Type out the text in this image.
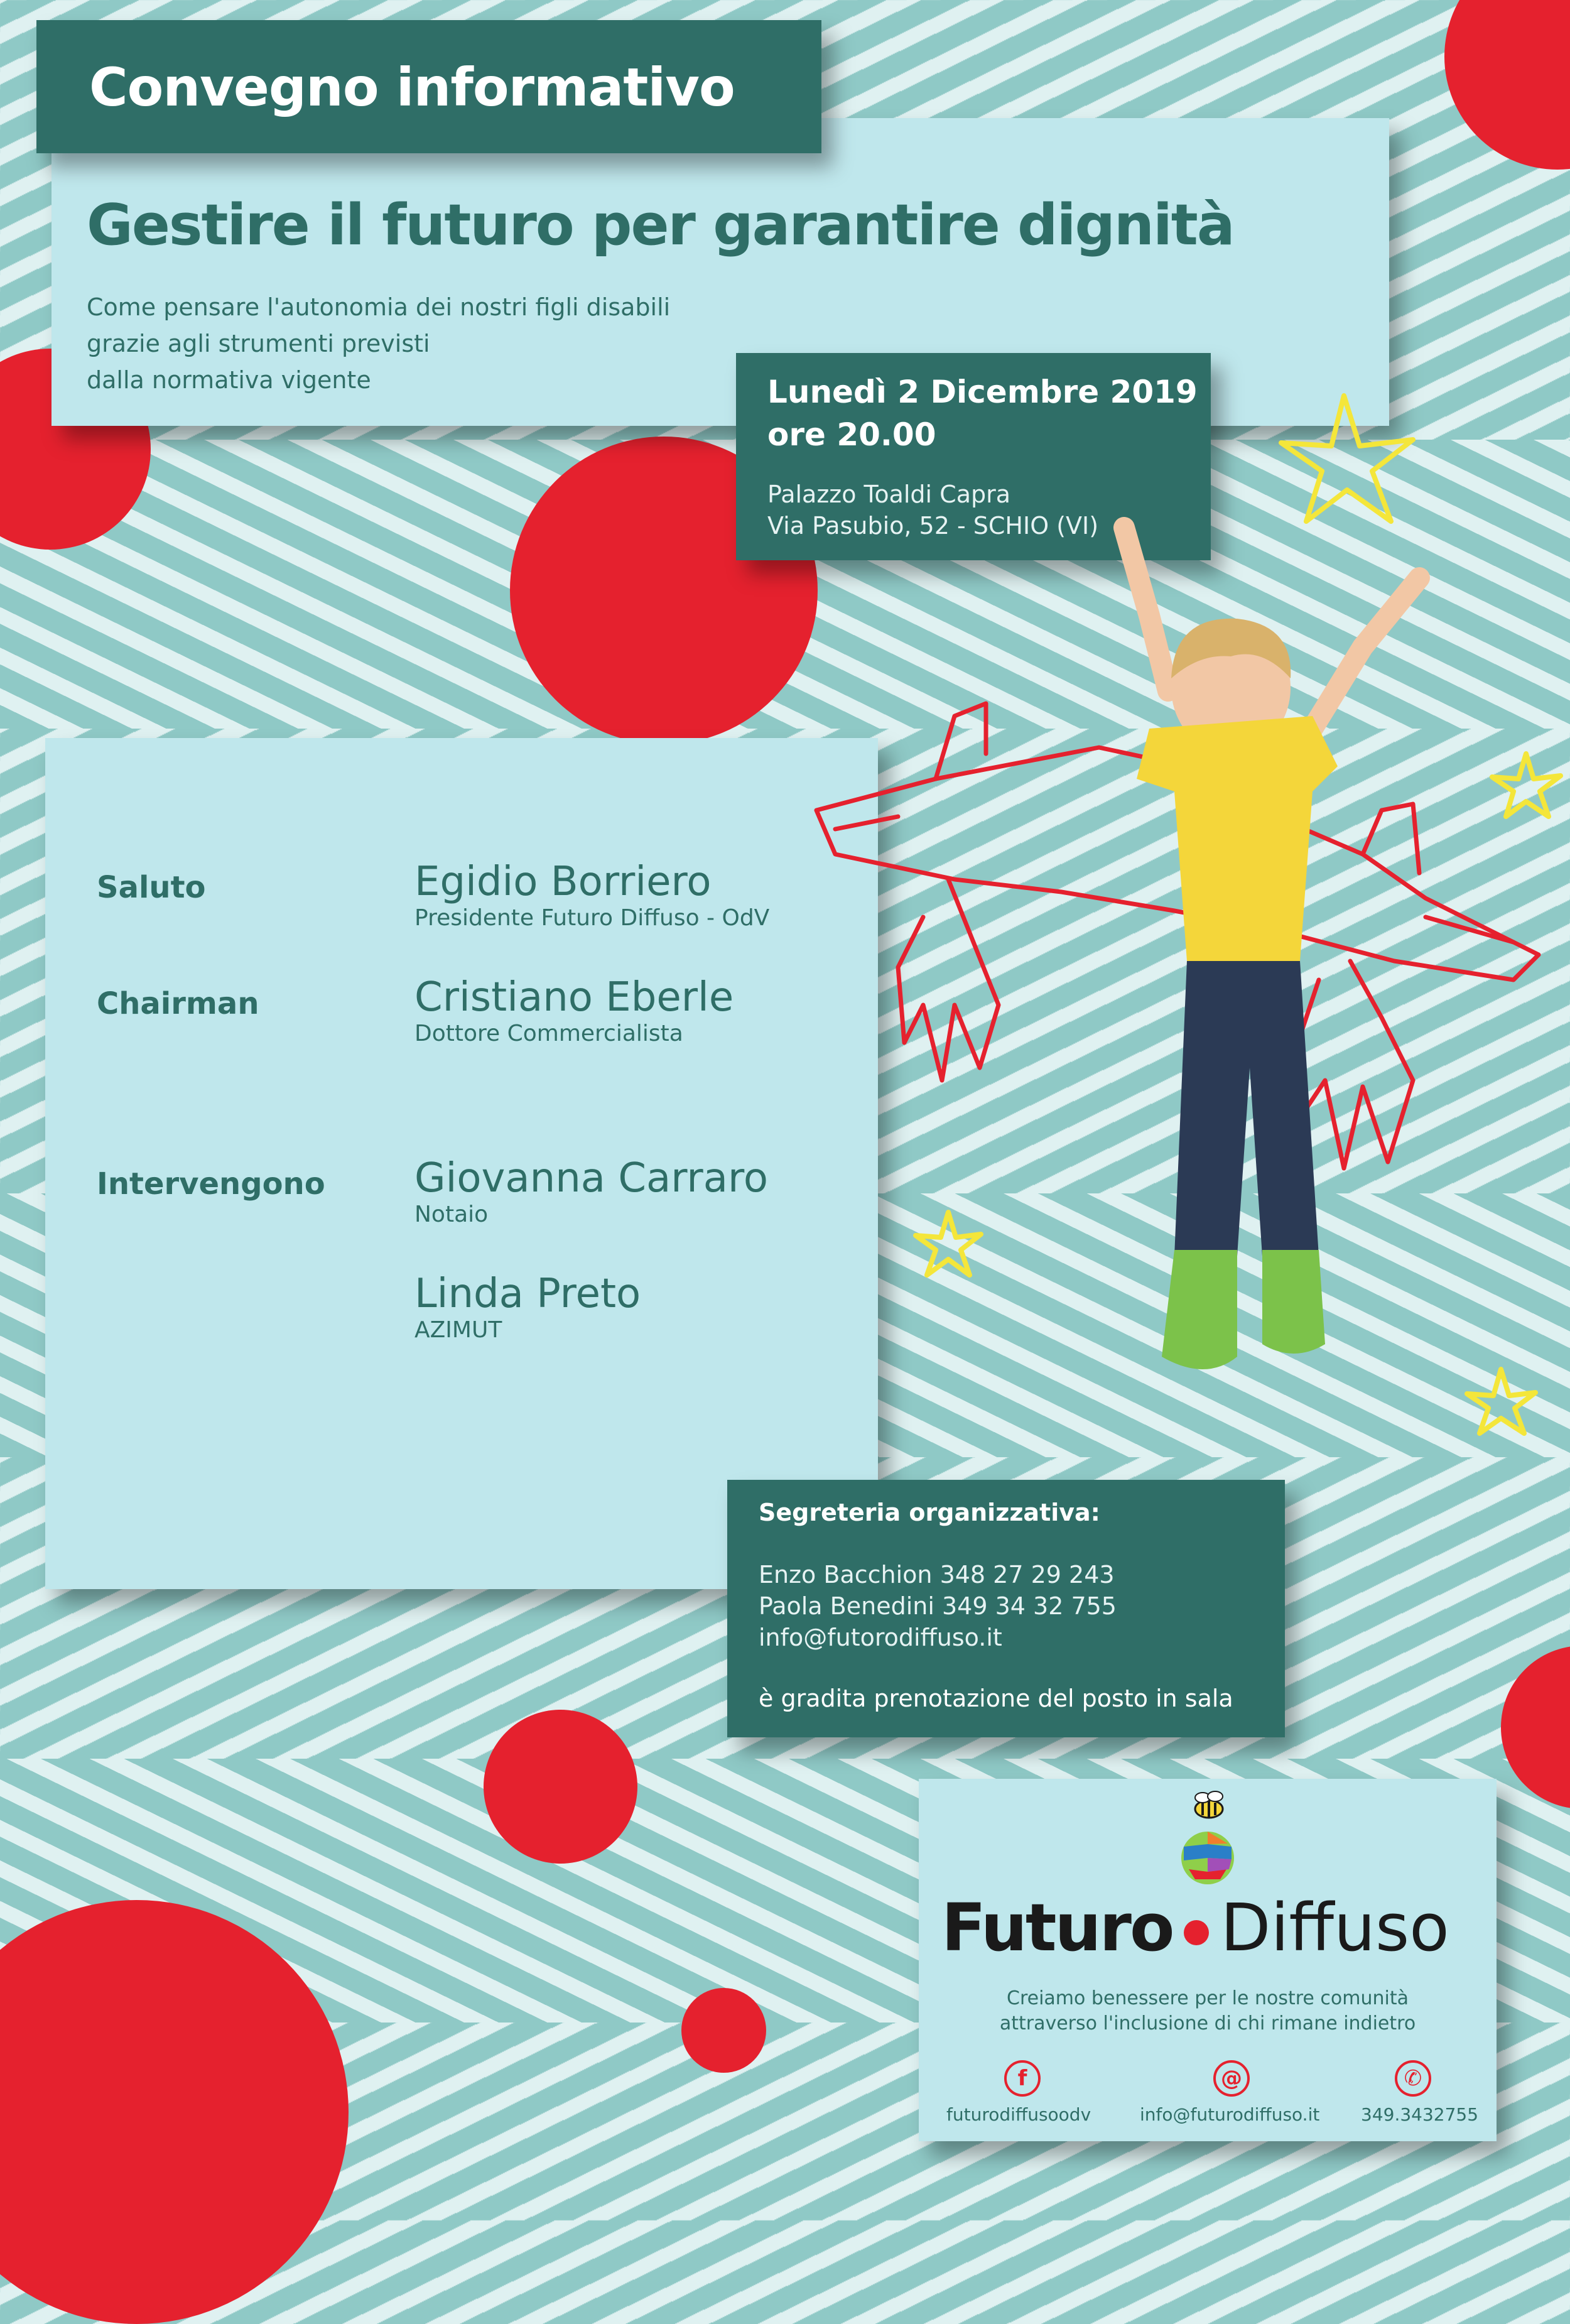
Gestire il futuro per garantire dignità
Come pensare l'autonomia dei nostri figli disabili
grazie agli strumenti previsti
dalla normativa vigente
Convegno informativo
Lunedì 2 Dicembre 2019
ore 20.00
Palazzo Toaldi Capra
Via Pasubio, 52 - SCHIO (VI)
Saluto	Egidio Borriero
Presidente Futuro Diffuso - OdV
Chairman	Cristiano Eberle
Dottore Commercialista
Intervengono Giovanna Carraro
Notaio
Linda Preto
AZIMUT
Segreteria organizzativa:
Enzo Bacchion 348 27 29 243
Paola Benedini 349 34 32 755
info@futorodiffuso.it
è gradita prenotazione del posto in sala
Futuro Diffuso
Creiamo benessere per le nostre comunità
attraverso l'inclusione di chi rimane indietro
f
futurodiffusoodv
@
info@futurodiffuso.it
✆
349.3432755
